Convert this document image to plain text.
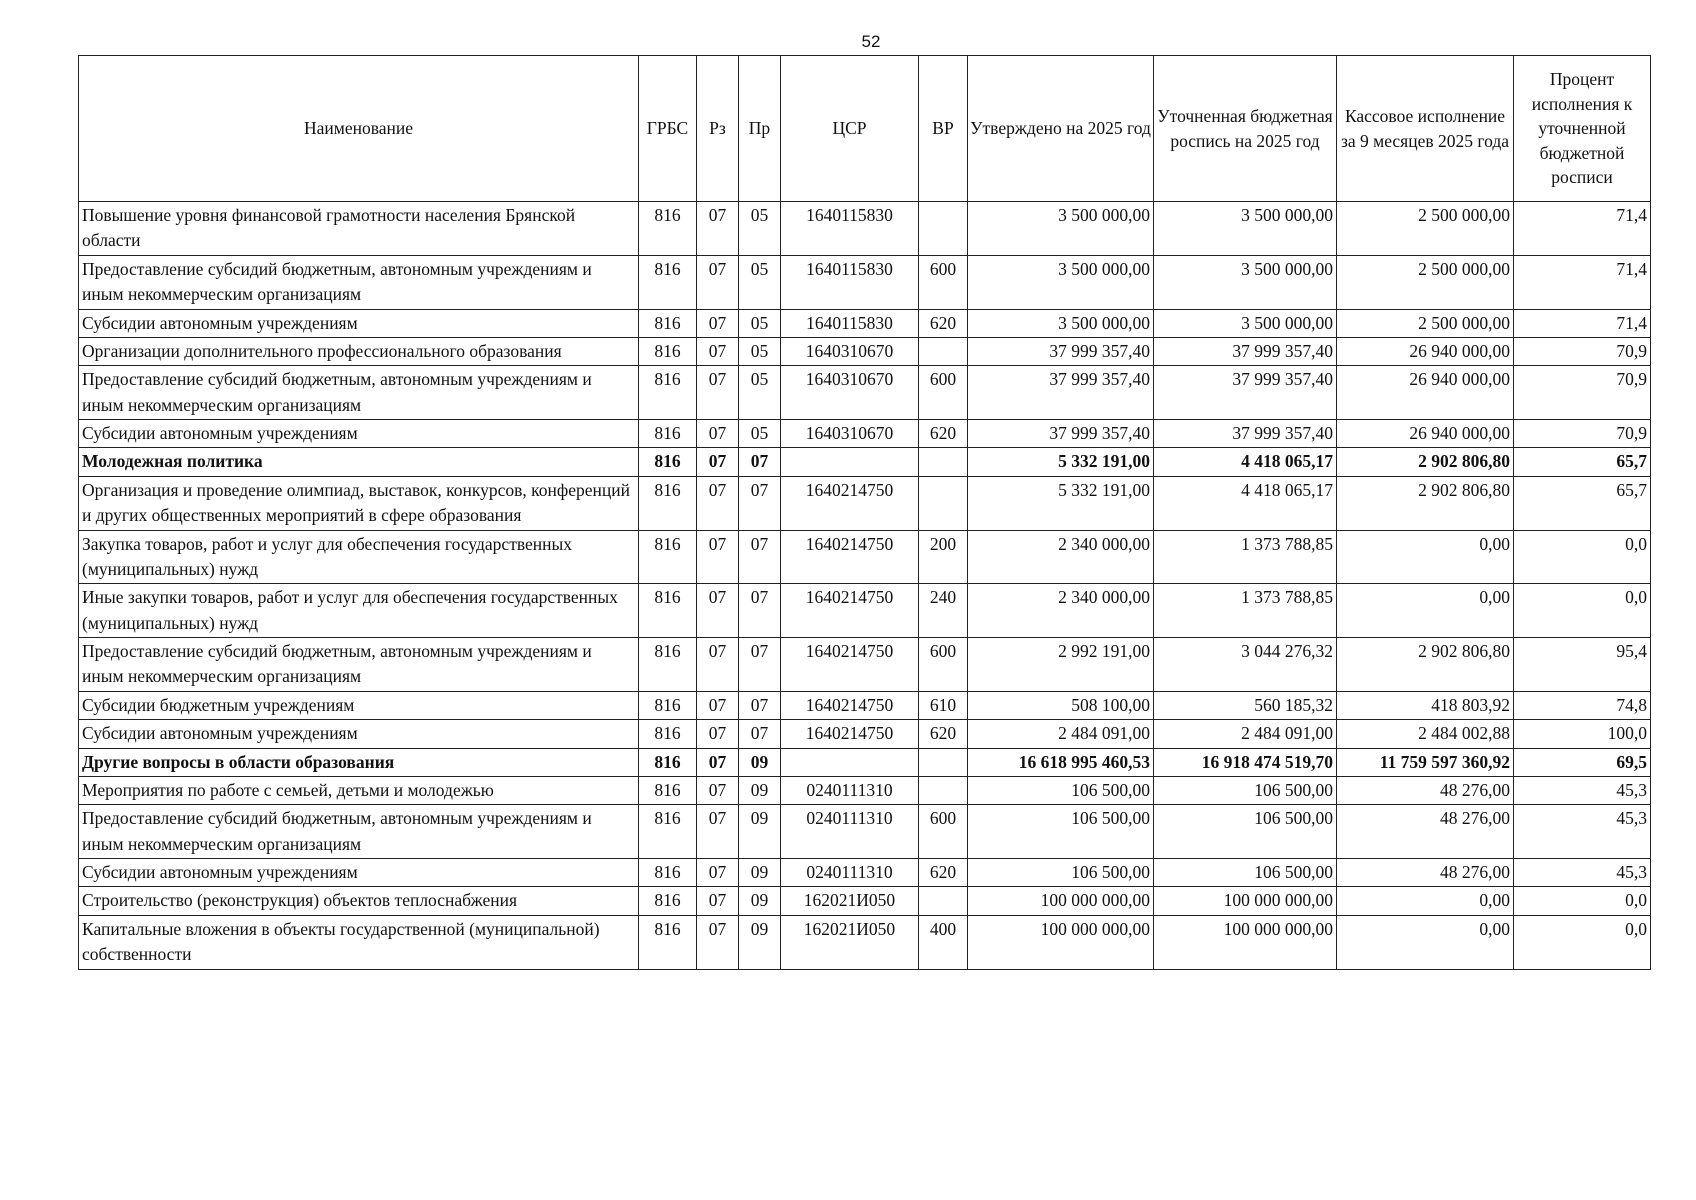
52
Наименование	ГРБС	Рз	Пр	ЦСР	ВР	Утверждено на 2025 год	Уточненная бюджетная роспись на 2025 год	Кассовое исполнение за 9 месяцев 2025 года	Процент исполнения к уточненной бюджетной росписи
Повышение уровня финансовой грамотности населения Брянской области	816	07	05	1640115830		3 500 000,00	3 500 000,00	2 500 000,00	71,4
Предоставление субсидий бюджетным, автономным учреждениям и иным некоммерческим организациям	816	07	05	1640115830	600	3 500 000,00	3 500 000,00	2 500 000,00	71,4
Субсидии автономным учреждениям	816	07	05	1640115830	620	3 500 000,00	3 500 000,00	2 500 000,00	71,4
Организации дополнительного профессионального образования	816	07	05	1640310670		37 999 357,40	37 999 357,40	26 940 000,00	70,9
Предоставление субсидий бюджетным, автономным учреждениям и иным некоммерческим организациям	816	07	05	1640310670	600	37 999 357,40	37 999 357,40	26 940 000,00	70,9
Субсидии автономным учреждениям	816	07	05	1640310670	620	37 999 357,40	37 999 357,40	26 940 000,00	70,9
Молодежная политика	816	07	07			5 332 191,00	4 418 065,17	2 902 806,80	65,7
Организация и проведение олимпиад, выставок, конкурсов, конференций и других общественных мероприятий в сфере образования	816	07	07	1640214750		5 332 191,00	4 418 065,17	2 902 806,80	65,7
Закупка товаров, работ и услуг для обеспечения государственных (муниципальных) нужд	816	07	07	1640214750	200	2 340 000,00	1 373 788,85	0,00	0,0
Иные закупки товаров, работ и услуг для обеспечения государственных (муниципальных) нужд	816	07	07	1640214750	240	2 340 000,00	1 373 788,85	0,00	0,0
Предоставление субсидий бюджетным, автономным учреждениям и иным некоммерческим организациям	816	07	07	1640214750	600	2 992 191,00	3 044 276,32	2 902 806,80	95,4
Субсидии бюджетным учреждениям	816	07	07	1640214750	610	508 100,00	560 185,32	418 803,92	74,8
Субсидии автономным учреждениям	816	07	07	1640214750	620	2 484 091,00	2 484 091,00	2 484 002,88	100,0
Другие вопросы в области образования	816	07	09			16 618 995 460,53	16 918 474 519,70	11 759 597 360,92	69,5
Мероприятия по работе с семьей, детьми и молодежью	816	07	09	0240111310		106 500,00	106 500,00	48 276,00	45,3
Предоставление субсидий бюджетным, автономным учреждениям и иным некоммерческим организациям	816	07	09	0240111310	600	106 500,00	106 500,00	48 276,00	45,3
Субсидии автономным учреждениям	816	07	09	0240111310	620	106 500,00	106 500,00	48 276,00	45,3
Строительство (реконструкция) объектов теплоснабжения	816	07	09	162021И050		100 000 000,00	100 000 000,00	0,00	0,0
Капитальные вложения в объекты государственной (муниципальной) собственности	816	07	09	162021И050	400	100 000 000,00	100 000 000,00	0,00	0,0
